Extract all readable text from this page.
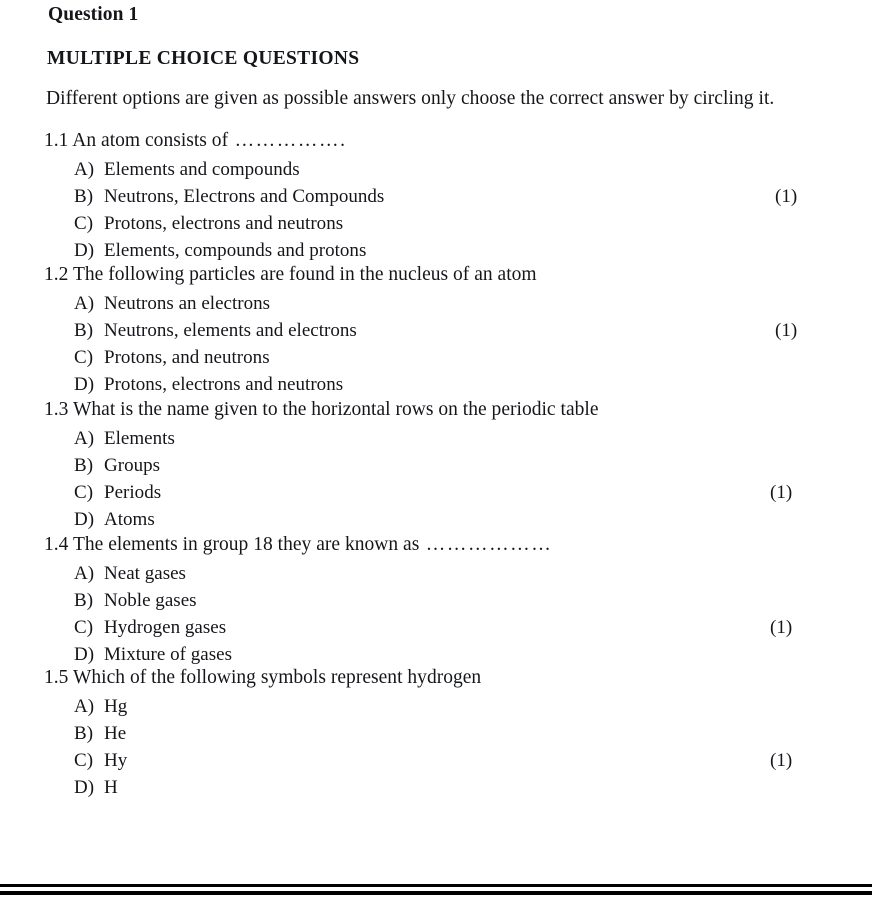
Question 1
MULTIPLE CHOICE QUESTIONS
Different options are given as possible answers only choose the correct answer by circling it.
1.1 An atom consists of …………….
A) Elements and compounds
B) Neutrons, Electrons and Compounds
C) Protons, electrons and neutrons
D) Elements, compounds and protons
(1)
1.2 The following particles are found in the nucleus of an atom
A) Neutrons an electrons
B) Neutrons, elements and electrons
C) Protons, and neutrons
D) Protons, electrons and neutrons
(1)
1.3 What is the name given to the horizontal rows on the periodic table
A) Elements
B) Groups
C) Periods
D) Atoms
(1)
1.4 The elements in group 18 they are known as ………………
A) Neat gases
B) Noble gases
C) Hydrogen gases
D) Mixture of gases
(1)
1.5 Which of the following symbols represent hydrogen
A) Hg
B) He
C) Hy
D) H
(1)
